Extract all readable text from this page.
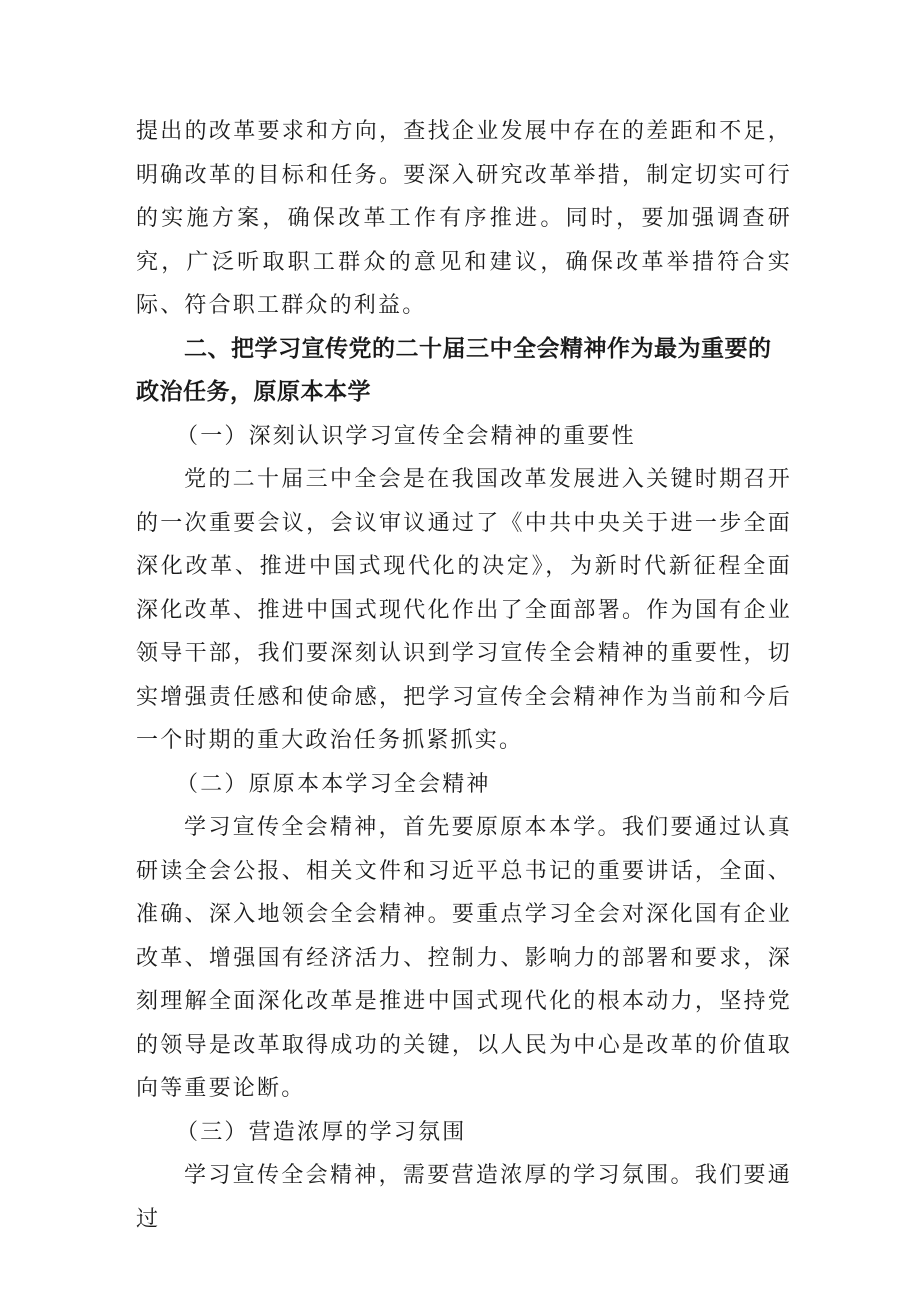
提出的改革要求和方向，查找企业发展中存在的差距和不足，明确改革的目标和任务。要深入研究改革举措，制定切实可行的实施方案，确保改革工作有序推进。同时，要加强调查研究，广泛听取职工群众的意见和建议，确保改革举措符合实际、符合职工群众的利益。

二、把学习宣传党的二十届三中全会精神作为最为重要的政治任务，原原本本学

（一）深刻认识学习宣传全会精神的重要性

党的二十届三中全会是在我国改革发展进入关键时期召开的一次重要会议，会议审议通过了《中共中央关于进一步全面深化改革、推进中国式现代化的决定》，为新时代新征程全面深化改革、推进中国式现代化作出了全面部署。作为国有企业领导干部，我们要深刻认识到学习宣传全会精神的重要性，切实增强责任感和使命感，把学习宣传全会精神作为当前和今后一个时期的重大政治任务抓紧抓实。

（二）原原本本学习全会精神

学习宣传全会精神，首先要原原本本学。我们要通过认真研读全会公报、相关文件和习近平总书记的重要讲话，全面、准确、深入地领会全会精神。要重点学习全会对深化国有企业改革、增强国有经济活力、控制力、影响力的部署和要求，深刻理解全面深化改革是推进中国式现代化的根本动力，坚持党的领导是改革取得成功的关键，以人民为中心是改革的价值取向等重要论断。

（三）营造浓厚的学习氛围

学习宣传全会精神，需要营造浓厚的学习氛围。我们要通过
